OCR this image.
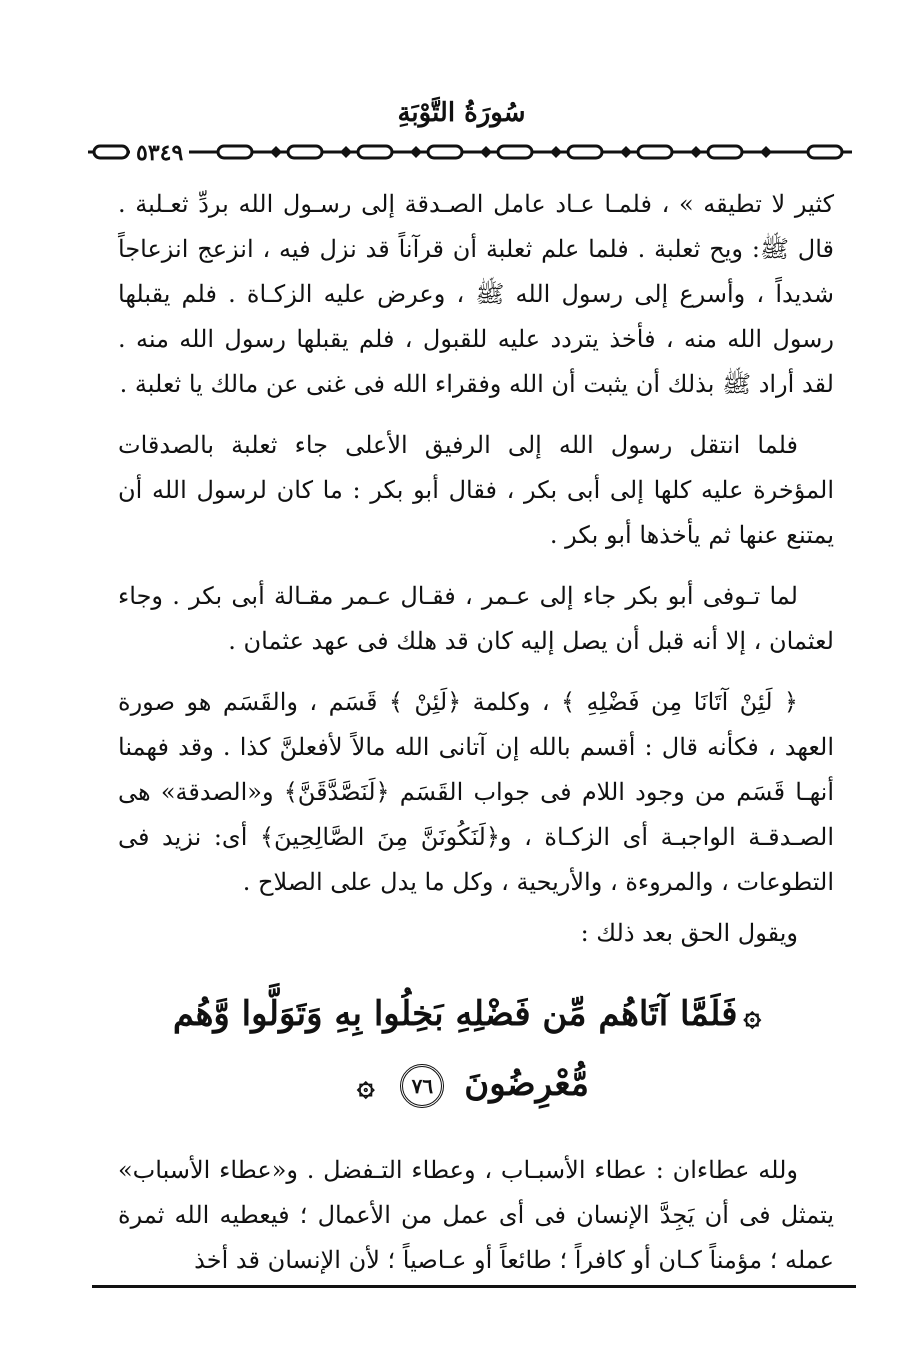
سُورَةُ التَّوْبَةِ
٥٣٤٩

كثير لا تطيقه » ، فلمـا عـاد عامل الصـدقة إلى رسـول الله بردِّ ثعـلبة . قال ﷺ: ويح ثعلبة . فلما علم ثعلبة أن قرآناً قد نزل فيه ، انزعج انزعاجاً شديداً ، وأسرع إلى رسول الله ﷺ ، وعرض عليه الزكـاة . فلم يقبلها رسول الله منه ، فأخذ يتردد عليه للقبول ، فلم يقبلها رسول الله منه . لقد أراد ﷺ بذلك أن يثبت أن الله وفقراء الله فى غنى عن مالك يا ثعلبة .

فلما انتقل رسول الله إلى الرفيق الأعلى جاء ثعلبة بالصدقات المؤخرة عليه كلها إلى أبى بكر ، فقال أبو بكر : ما كان لرسول الله أن يمتنع عنها ثم يأخذها أبو بكر .

لما تـوفى أبو بكر جاء إلى عـمر ، فقـال عـمر مقـالة أبى بكر . وجاء لعثمان ، إلا أنه قبل أن يصل إليه كان قد هلك فى عهد عثمان .

﴿ لَئِنْ آتَانَا مِن فَضْلِهِ ﴾ ، وكلمة ﴿لَئِنْ ﴾ قَسَم ، والقَسَم هو صورة العهد ، فكأنه قال : أقسم بالله إن آتانى الله مالاً لأفعلنَّ كذا . وقد فهمنا أنهـا قَسَم من وجود اللام فى جواب القَسَم ﴿لَنَصَّدَّقَنَّ﴾ و«الصدقة» هى الصـدقـة الواجبـة أى الزكـاة ، و﴿لَنَكُونَنَّ مِنَ الصَّالِحِينَ﴾ أى: نزيد فى التطوعات ، والمروءة ، والأريحية ، وكل ما يدل على الصلاح .

ويقول الحق بعد ذلك :

۞فَلَمَّا آتَاهُم مِّن فَضْلِهِ بَخِلُوا بِهِ وَتَوَلَّوا وَّهُم
مُّعْرِضُونَ ٧٦ ۞

ولله عطاءان : عطاء الأسبـاب ، وعطاء التـفضل . و«عطاء الأسباب» يتمثل فى أن يَجِدَّ الإنسان فى أى عمل من الأعمال ؛ فيعطيه الله ثمرة عمله ؛ مؤمناً كـان أو كافراً ؛ طائعاً أو عـاصياً ؛ لأن الإنسان قد أخذ
